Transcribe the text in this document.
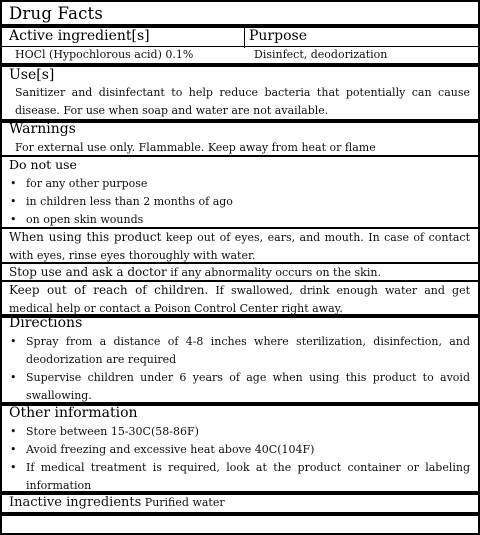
Drug Facts
Active ingredient[s]	Purpose
HOCl (Hypochlorous acid) 0.1%	Disinfect, deodorization
Use[s]
Sanitizer and disinfectant to help reduce bacteria that potentially can cause disease. For use when soap and water are not available.
Warnings
For external use only. Flammable. Keep away from heat or flame
Do not use
• for any other purpose
• in children less than 2 months of ago
• on open skin wounds
When using this product keep out of eyes, ears, and mouth. In case of contact with eyes, rinse eyes thoroughly with water.
Stop use and ask a doctor if any abnormality occurs on the skin.
Keep out of reach of children. If swallowed, drink enough water and get medical help or contact a Poison Control Center right away.
Directions
• Spray from a distance of 4-8 inches where sterilization, disinfection, and deodorization are required
• Supervise children under 6 years of age when using this product to avoid swallowing.
Other information
• Store between 15-30C(58-86F)
• Avoid freezing and excessive heat above 40C(104F)
• If medical treatment is required, look at the product container or labeling information
Inactive ingredients Purified water
